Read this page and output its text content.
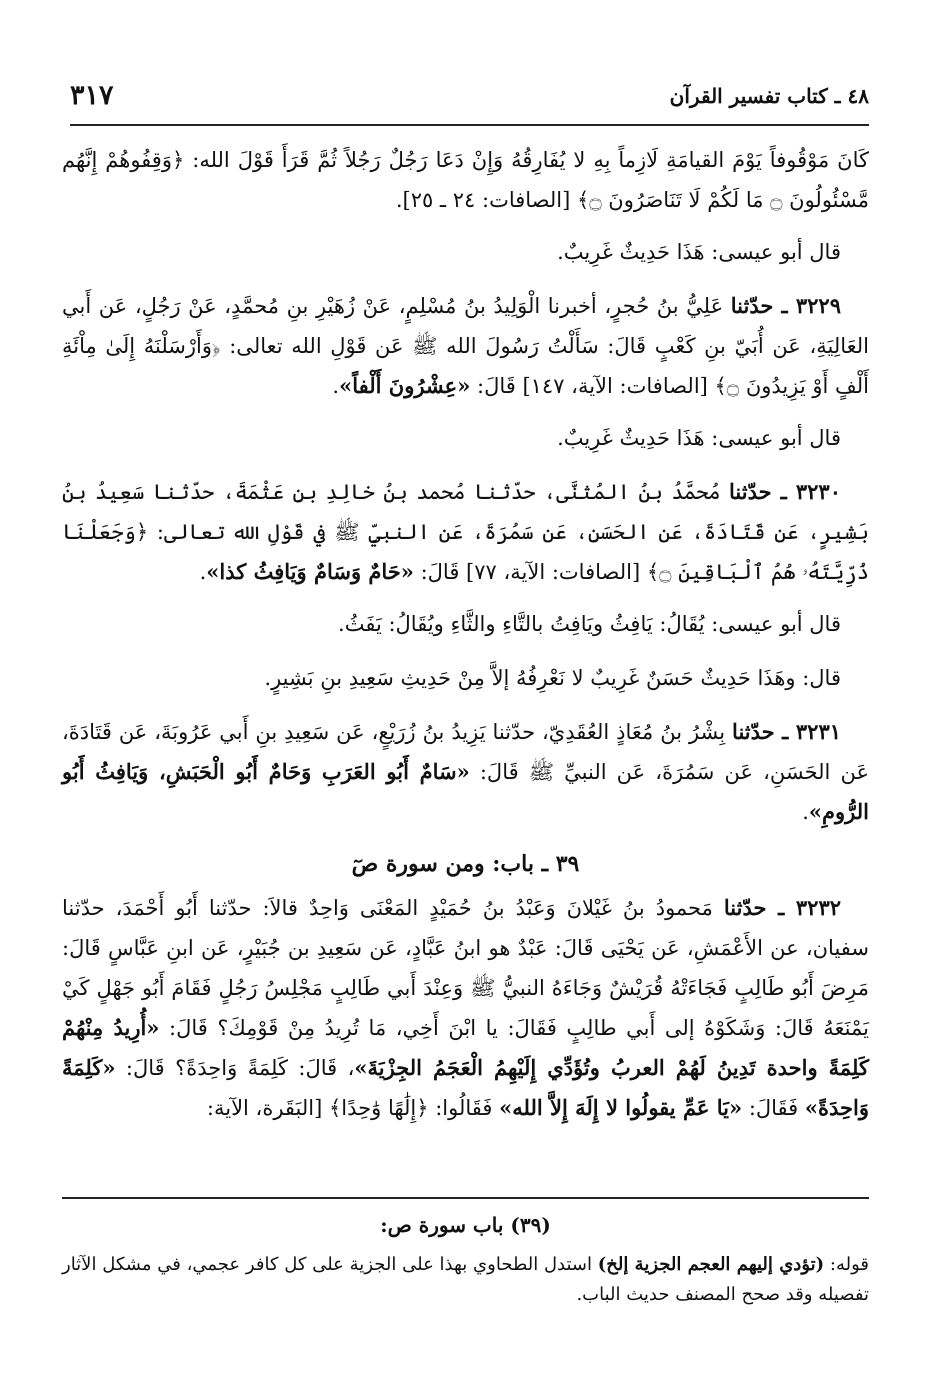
٣١٧	٤٨ ـ كتاب تفسير القرآن

كَانَ مَوْقُوفاً يَوْمَ القيامَةِ لَازِماً بِهِ لا يُفَارِقُهُ وَإِنْ دَعَا رَجُلٌ رَجُلاً ثُمَّ قَرَأَ قَوْلَ الله: ﴿وَقِفُوهُمْ إِنَّهُم مَّسْئُولُونَ ۝ مَا لَكُمْ لَا تَنَاصَرُونَ ۝﴾ [الصافات: ٢٤ ـ ٢٥].

قال أبو عيسى: هَذَا حَدِيثٌ غَرِيبٌ.

٣٢٢٩ ـ حدّثنا عَلِيُّ بنُ حُجرٍ، أخبرنا الْوَلِيدُ بنُ مُسْلِمٍ، عَنْ زُهَيْرِ بنِ مُحمَّدٍ، عَنْ رَجُلٍ، عَن أَبي العَالِيَةِ، عَن أُبَيّ بنِ كَعْبٍ قَالَ: سَأَلْتُ رَسُولَ الله ﷺ عَن قَوْلِ الله تعالى: ﴿وَأَرْسَلْنَهُ إِلَىٰ مِاْئَةِ أَلْفٍ أَوْ يَزِيدُونَ ۝﴾ [الصافات: الآية، ١٤٧] قَالَ: «عِشْرُونَ أَلْفاً».

قال أبو عيسى: هَذَا حَدِيثٌ غَرِيبٌ.

٣٢٣٠ ـ حدّثنا مُحمَّدُ بنُ المُثنَّى، حدّثنا مُحمد بنُ خالِدِ بنِ عَثْمَةَ، حدّثنا سَعِيدُ بنُ بَشِيرٍ، عَن قَتَادَةَ، عَن الحَسَنِ، عَن سَمُرَةَ، عَن النبيِّ ﷺ في قَوْلِ الله تعالى: ﴿وَجَعَلْنَا ذُرِّيَّتَهُۥ هُمُ ٱلْبَاقِينَ ۝﴾ [الصافات: الآية، ٧٧] قَالَ: «حَامٌ وَسَامٌ وَيَافِثُ كذا».

قال أبو عيسى: يُقَالُ: يَافِثُ ويَافِتُ بالتَّاءِ والثَّاءِ ويُقَالُ: يَفَثُ.

قال: وهَذَا حَدِيثٌ حَسَنٌ غَرِيبٌ لا نَعْرِفُهُ إلاَّ مِنْ حَدِيثِ سَعِيدِ بنِ بَشِيرٍ.

٣٢٣١ ـ حدّثنا بِشْرُ بنُ مُعَاذٍ العُقَدِيّ، حدّثنا يَزِيدُ بنُ زُرَيْعٍ، عَن سَعِيدِ بنِ أَبي عَرُوبَةَ، عَن قَتَادَةَ، عَن الحَسَنِ، عَن سَمُرَةَ، عَن النبيِّ ﷺ قَالَ: «سَامٌ أَبُو العَرَبِ وَحَامٌ أَبُو الْحَبَشِ، وَيَافِثُ أَبُو الرُّومِ».

٣٩ ـ باب: ومن سورة صٓ

٣٢٣٢ ـ حدّثنا مَحمودُ بنُ غَيْلانَ وَعَبْدُ بنُ حُمَيْدٍ المَعْنَى وَاحِدٌ قالاَ: حدّثنا أَبُو أَحْمَدَ، حدّثنا سفيان، عن الأَعْمَشِ، عَن يَحْيَى قَالَ: عَبْدٌ هو ابنُ عَبَّادٍ، عَن سَعِيدِ بن جُبَيْرٍ، عَن ابنِ عَبَّاسٍ قَالَ: مَرِضَ أَبُو طَالِبٍ فَجَاءَتْهُ قُرَيْشٌ وَجَاءَهُ النبيُّ ﷺ وَعِنْدَ أَبي طَالِبٍ مَجْلِسُ رَجُلٍ فَقَامَ أَبُو جَهْلٍ كَيْ يَمْنَعَهُ قَالَ: وَشَكَوْهُ إلى أَبي طالِبٍ فَقَالَ: يا ابْنَ أَخِي، مَا تُرِيدُ مِنْ قَوْمِكَ؟ قَالَ: «أُرِيدُ مِنْهُمْ كَلِمَةً واحدة تَدِينُ لَهُمْ العربُ وتُؤَدِّي إِلَيْهِمُ الْعَجَمُ الجِزْيَةَ»، قَالَ: كَلِمَةً وَاحِدَةً؟ قَالَ: «كَلِمَةً وَاحِدَةً» فَقَالَ: «يَا عَمِّ يقولُوا لا إِلَهَ إِلاَّ الله» فَقَالُوا: ﴿إِلَٰهًا وَٰحِدًا﴾ [البَقَرة، الآية:

(٣٩) باب سورة ص:

قوله: (تؤدي إليهم العجم الجزية إلخ) استدل الطحاوي بهذا على الجزية على كل كافر عجمي، في مشكل الآثار تفصيله وقد صحح المصنف حديث الباب.
